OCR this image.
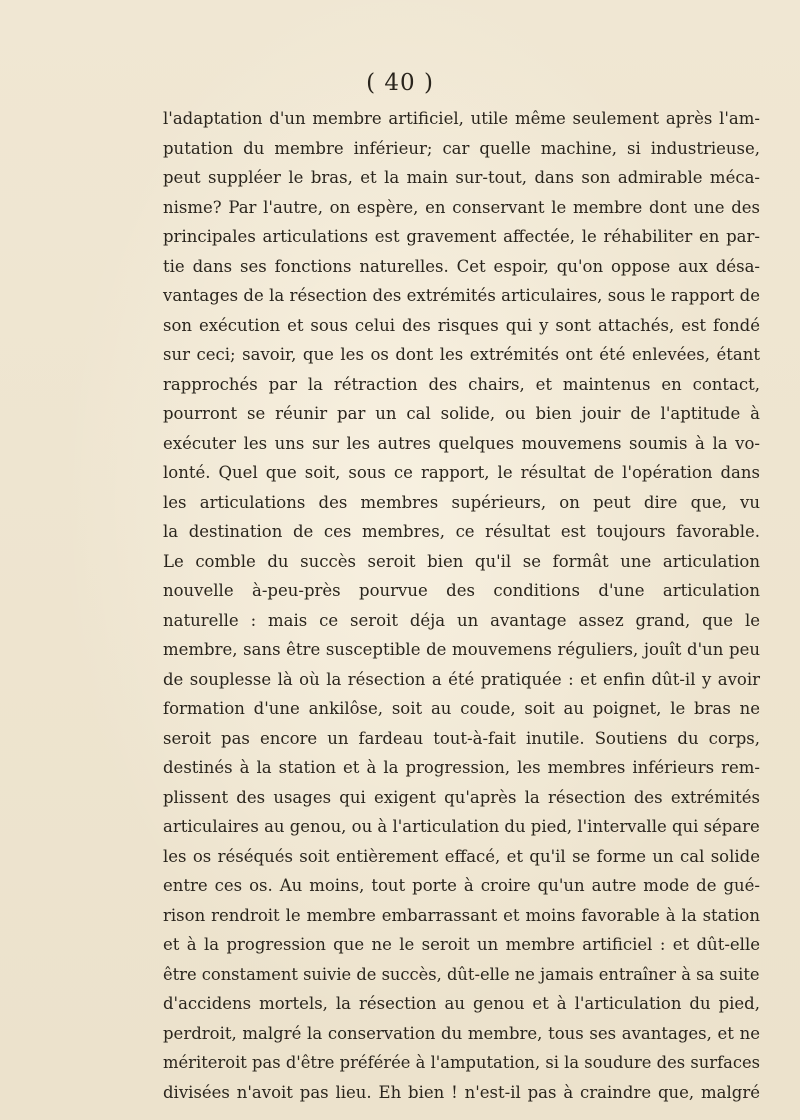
( 40 )
l'adaptation d'un membre artificiel, utile même seulement après l'am-
putation du membre inférieur; car quelle machine, si industrieuse,
peut suppléer le bras, et la main sur-tout, dans son admirable méca-
nisme? Par l'autre, on espère, en conservant le membre dont une des
principales articulations est gravement affectée, le réhabiliter en par-
tie dans ses fonctions naturelles. Cet espoir, qu'on oppose aux désa-
vantages de la résection des extrémités articulaires, sous le rapport de
son exécution et sous celui des risques qui y sont attachés, est fondé
sur ceci; savoir, que les os dont les extrémités ont été enlevées, étant
rapprochés par la rétraction des chairs, et maintenus en contact,
pourront se réunir par un cal solide, ou bien jouir de l'aptitude à
exécuter les uns sur les autres quelques mouvemens soumis à la vo-
lonté. Quel que soit, sous ce rapport, le résultat de l'opération dans
les articulations des membres supérieurs, on peut dire que, vu
la destination de ces membres, ce résultat est toujours favorable.
Le comble du succès seroit bien qu'il se formât une articulation
nouvelle à-peu-près pourvue des conditions d'une articulation
naturelle : mais ce seroit déja un avantage assez grand, que le
membre, sans être susceptible de mouvemens réguliers, jouît d'un peu
de souplesse là où la résection a été pratiquée : et enfin dût-il y avoir
formation d'une ankilôse, soit au coude, soit au poignet, le bras ne
seroit pas encore un fardeau tout-à-fait inutile. Soutiens du corps,
destinés à la station et à la progression, les membres inférieurs rem-
plissent des usages qui exigent qu'après la résection des extrémités
articulaires au genou, ou à l'articulation du pied, l'intervalle qui sépare
les os réséqués soit entièrement effacé, et qu'il se forme un cal solide
entre ces os. Au moins, tout porte à croire qu'un autre mode de gué-
rison rendroit le membre embarrassant et moins favorable à la station
et à la progression que ne le seroit un membre artificiel : et dût-elle
être constament suivie de succès, dût-elle ne jamais entraîner à sa suite
d'accidens mortels, la résection au genou et à l'articulation du pied,
perdroit, malgré la conservation du membre, tous ses avantages, et ne
mériteroit pas d'être préférée à l'amputation, si la soudure des surfaces
divisées n'avoit pas lieu. Eh bien ! n'est-il pas à craindre que, malgré
